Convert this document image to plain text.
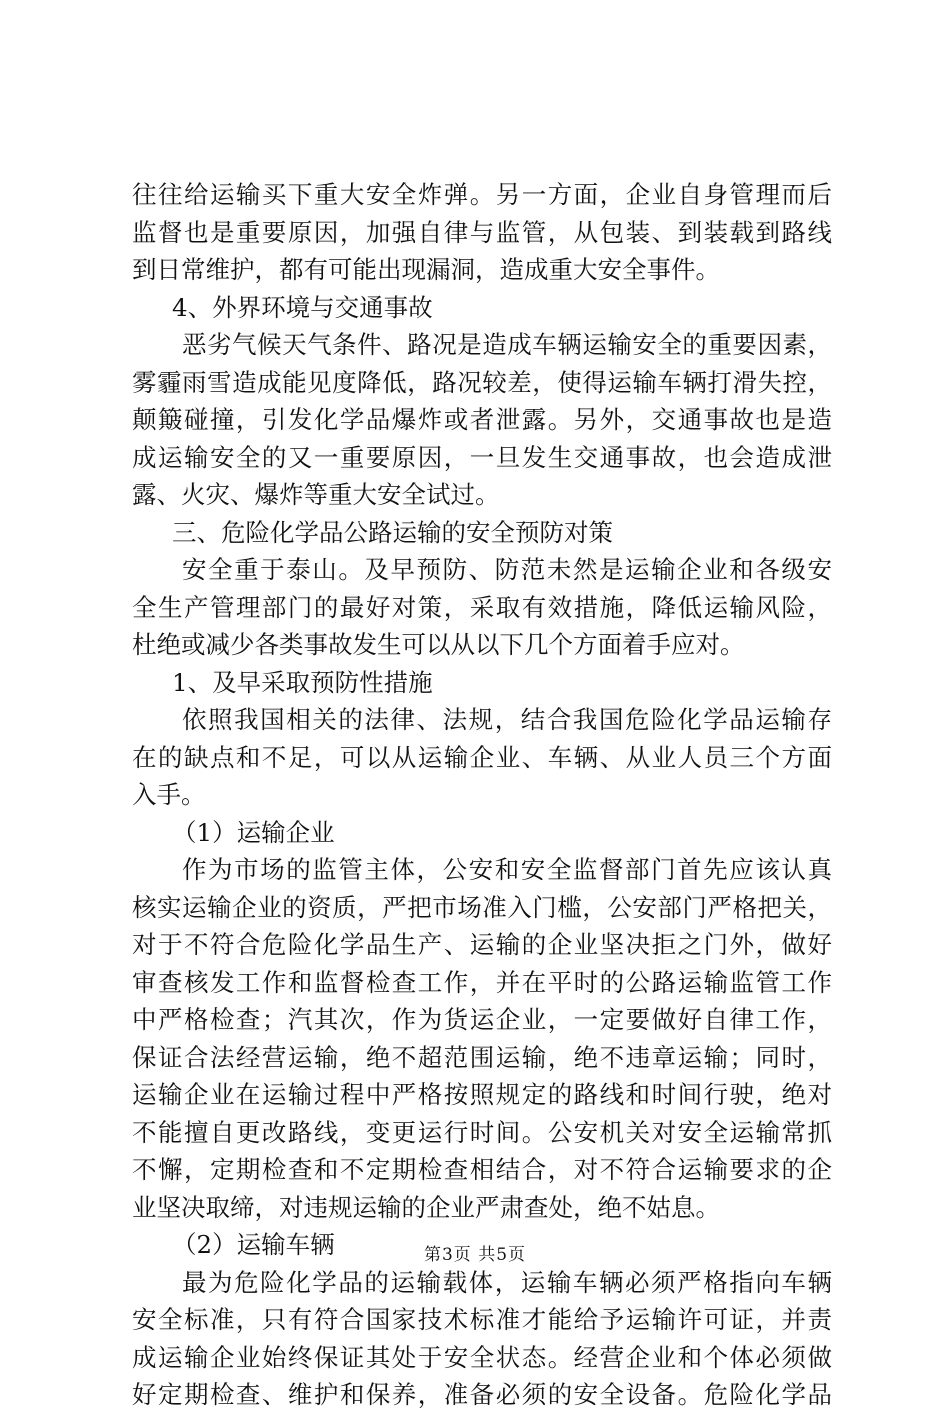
往往给运输买下重大安全炸弹。另一方面，企业自身管理而后
监督也是重要原因，加强自律与监管，从包装、到装载到路线
到日常维护，都有可能出现漏洞，造成重大安全事件。
4、外界环境与交通事故
恶劣气候天气条件、路况是造成车辆运输安全的重要因素，
雾霾雨雪造成能见度降低，路况较差，使得运输车辆打滑失控，
颠簸碰撞，引发化学品爆炸或者泄露。另外，交通事故也是造
成运输安全的又一重要原因，一旦发生交通事故，也会造成泄
露、火灾、爆炸等重大安全试过。
三、危险化学品公路运输的安全预防对策
安全重于泰山。及早预防、防范未然是运输企业和各级安
全生产管理部门的最好对策，采取有效措施，降低运输风险，
杜绝或减少各类事故发生可以从以下几个方面着手应对。
1、及早采取预防性措施
依照我国相关的法律、法规，结合我国危险化学品运输存
在的缺点和不足，可以从运输企业、车辆、从业人员三个方面
入手。
（1）运输企业
作为市场的监管主体，公安和安全监督部门首先应该认真
核实运输企业的资质，严把市场准入门槛，公安部门严格把关，
对于不符合危险化学品生产、运输的企业坚决拒之门外，做好
审查核发工作和监督检查工作，并在平时的公路运输监管工作
中严格检查；汽其次，作为货运企业，一定要做好自律工作，
保证合法经营运输，绝不超范围运输，绝不违章运输；同时，
运输企业在运输过程中严格按照规定的路线和时间行驶，绝对
不能擅自更改路线，变更运行时间。公安机关对安全运输常抓
不懈，定期检查和不定期检查相结合，对不符合运输要求的企
业坚决取缔，对违规运输的企业严肃查处，绝不姑息。
（2）运输车辆
最为危险化学品的运输载体，运输车辆必须严格指向车辆
安全标准，只有符合国家技术标准才能给予运输许可证，并责
成运输企业始终保证其处于安全状态。经营企业和个体必须做
好定期检查、维护和保养，准备必须的安全设备。危险化学品
第3页 共5页
